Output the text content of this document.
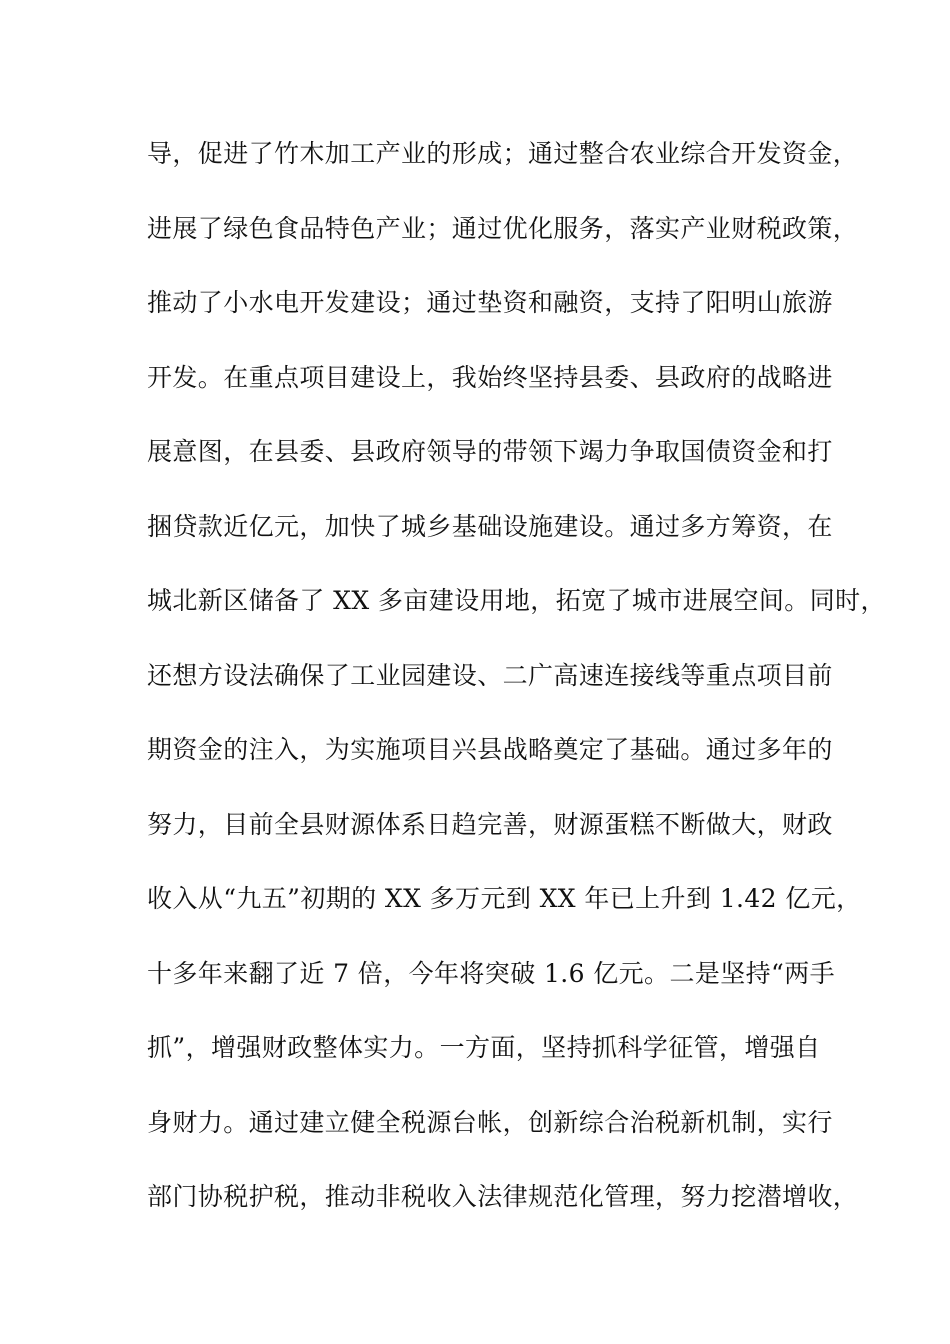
导，促进了竹木加工产业的形成；通过整合农业综合开发资金，
进展了绿色食品特色产业；通过优化服务，落实产业财税政策，
推动了小水电开发建设；通过垫资和融资，支持了阳明山旅游
开发。在重点项目建设上，我始终坚持县委、县政府的战略进
展意图，在县委、县政府领导的带领下竭力争取国债资金和打
捆贷款近亿元，加快了城乡基础设施建设。通过多方筹资，在
城北新区储备了 XX 多亩建设用地，拓宽了城市进展空间。同时，
还想方设法确保了工业园建设、二广高速连接线等重点项目前
期资金的注入，为实施项目兴县战略奠定了基础。通过多年的
努力，目前全县财源体系日趋完善，财源蛋糕不断做大，财政
收入从“九五”初期的 XX 多万元到 XX 年已上升到 1.42 亿元，
十多年来翻了近 7 倍，今年将突破 1.6 亿元。二是坚持“两手
抓”，增强财政整体实力。一方面，坚持抓科学征管，增强自
身财力。通过建立健全税源台帐，创新综合治税新机制，实行
部门协税护税，推动非税收入法律规范化管理，努力挖潜增收，
